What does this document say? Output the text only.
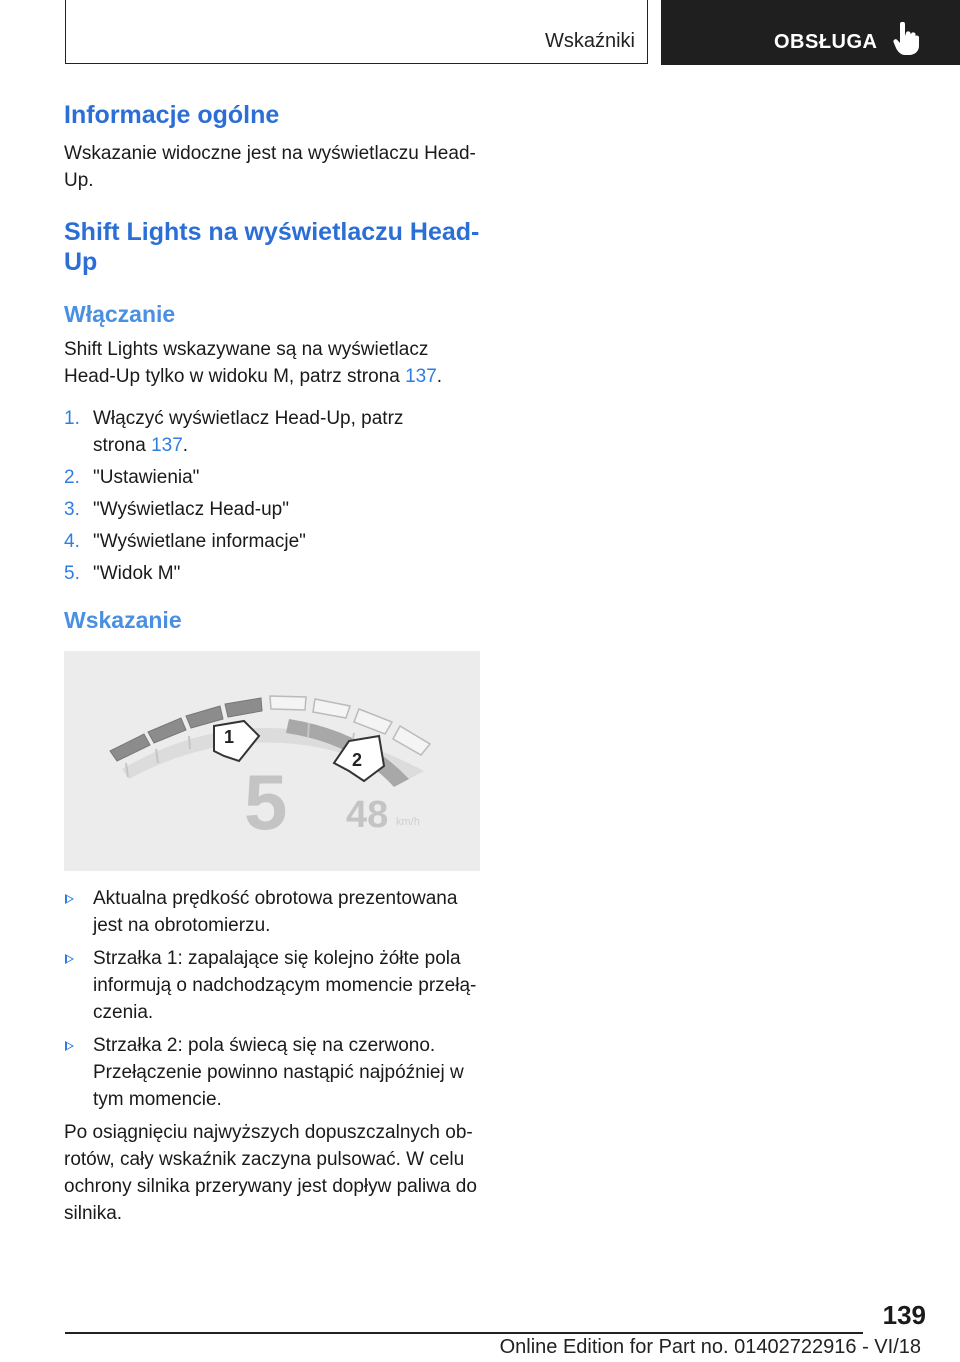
Wskaźniki	OBSŁUGA
Informacje ogólne

Wskazanie widoczne jest na wyświetlaczu Head-Up.

Shift Lights na wyświetlaczu Head-Up
Włączanie

Shift Lights wskazywane są na wyświetlacz Head-Up tylko w widoku M, patrz strona 137.

1. Włączyć wyświetlacz Head-Up, patrz strona 137.
2. "Ustawienia"
3. "Wyświetlacz Head-up"
4. "Wyświetlane informacje"
5. "Widok M"
Wskazanie
1
2
5 48 km/h
Aktualna prędkość obrotowa prezentowana jest na obrotomierzu.
Strzałka 1: zapalające się kolejno żółte pola informują o nadchodzącym momencie przełą-czenia.
Strzałka 2: pola świecą się na czerwono. Przełączenie powinno nastąpić najpóźniej w tym momencie.

Po osiągnięciu najwyższych dopuszczalnych ob-rotów, cały wskaźnik zaczyna pulsować. W celu ochrony silnika przerywany jest dopływ paliwa do silnika.

139
Online Edition for Part no. 01402722916 - VI/18
